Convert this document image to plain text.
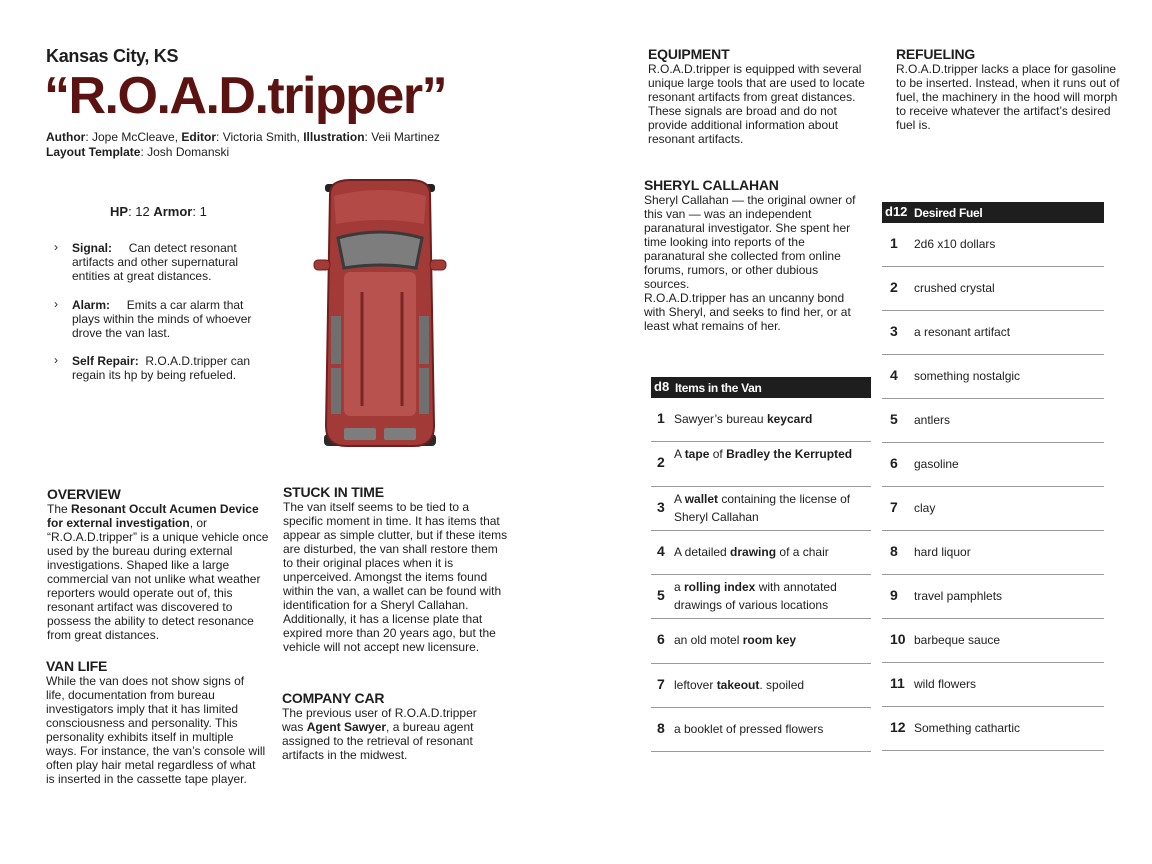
Kansas City, KS
“R.O.A.D.tripper”
Author: Jope McCleave, Editor: Victoria Smith, Illustration: Veii Martinez
Layout Template: Josh Domanski
HP: 12 Armor: 1
› Signal: Can detect resonant artifacts and other supernatural entities at great distances.
› Alarm: Emits a car alarm that plays within the minds of whoever drove the van last.
› Self Repair: R.O.A.D.tripper can regain its hp by being refueled.
OVERVIEW
The Resonant Occult Acumen Device for external investigation, or “R.O.A.D.tripper” is a unique vehicle once used by the bureau during external investigations. Shaped like a large commercial van not unlike what weather reporters would operate out of, this resonant artifact was discovered to possess the ability to detect resonance from great distances.
VAN LIFE
While the van does not show signs of life, documentation from bureau investigators imply that it has limited consciousness and personality. This personality exhibits itself in multiple ways. For instance, the van’s console will often play hair metal regardless of what is inserted in the cassette tape player.
STUCK IN TIME
The van itself seems to be tied to a specific moment in time. It has items that appear as simple clutter, but if these items are disturbed, the van shall restore them to their original places when it is unperceived. Amongst the items found within the van, a wallet can be found with identification for a Sheryl Callahan. Additionally, it has a license plate that expired more than 20 years ago, but the vehicle will not accept new licensure.
COMPANY CAR
The previous user of R.O.A.D.tripper was Agent Sawyer, a bureau agent assigned to the retrieval of resonant artifacts in the midwest.
EQUIPMENT
R.O.A.D.tripper is equipped with several unique large tools that are used to locate resonant artifacts from great distances. These signals are broad and do not provide additional information about resonant artifacts.
REFUELING
R.O.A.D.tripper lacks a place for gasoline to be inserted. Instead, when it runs out of fuel, the machinery in the hood will morph to receive whatever the artifact’s desired fuel is.
SHERYL CALLAHAN
Sheryl Callahan — the original owner of this van — was an independent paranatural investigator. She spent her time looking into reports of the paranatural she collected from online forums, rumors, or other dubious sources.
R.O.A.D.tripper has an uncanny bond with Sheryl, and seeks to find her, or at least what remains of her.
d8 Items in the Van
1 Sawyer’s bureau keycard
2 A tape of Bradley the Kerrupted
3 A wallet containing the license of Sheryl Callahan
4 A detailed drawing of a chair
5 a rolling index with annotated drawings of various locations
6 an old motel room key
7 leftover takeout. spoiled
8 a booklet of pressed flowers
d12 Desired Fuel
1 2d6 x10 dollars
2 crushed crystal
3 a resonant artifact
4 something nostalgic
5 antlers
6 gasoline
7 clay
8 hard liquor
9 travel pamphlets
10 barbeque sauce
11 wild flowers
12 Something cathartic
